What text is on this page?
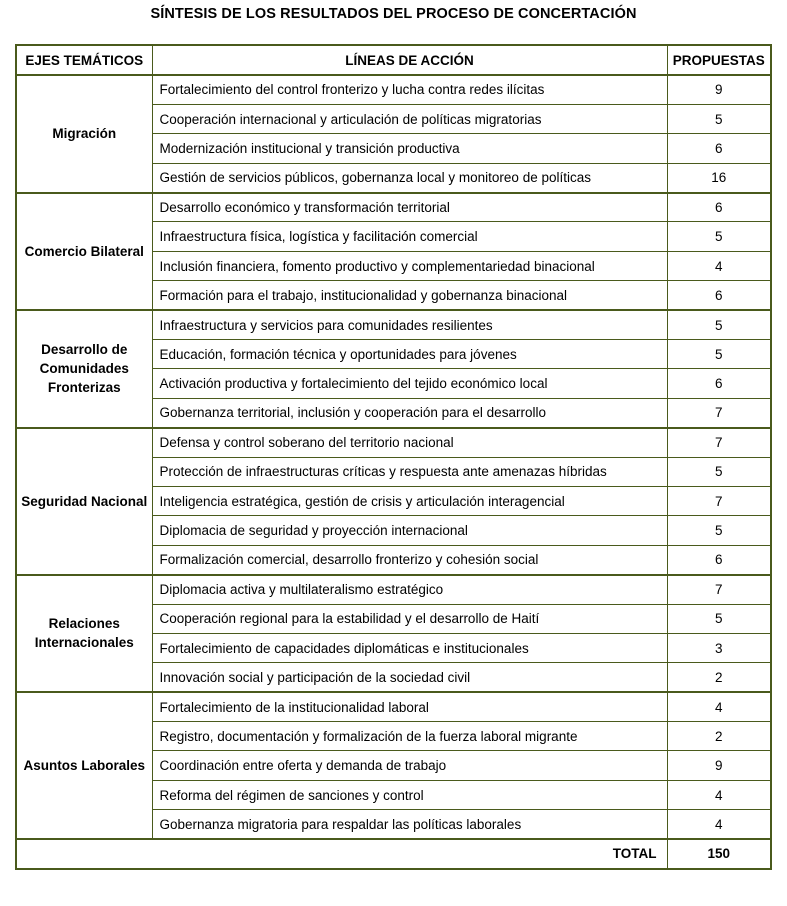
SÍNTESIS DE LOS RESULTADOS DEL PROCESO DE CONCERTACIÓN
EJES TEMÁTICOS	LÍNEAS DE ACCIÓN	PROPUESTAS
Migración	Fortalecimiento del control fronterizo y lucha contra redes ilícitas	9
	Cooperación internacional y articulación de políticas migratorias	5
	Modernización institucional y transición productiva	6
	Gestión de servicios públicos, gobernanza local y monitoreo de políticas	16
Comercio Bilateral	Desarrollo económico y transformación territorial	6
	Infraestructura física, logística y facilitación comercial	5
	Inclusión financiera, fomento productivo y complementariedad binacional	4
	Formación para el trabajo, institucionalidad y gobernanza binacional	6
Desarrollo de Comunidades Fronterizas	Infraestructura y servicios para comunidades resilientes	5
	Educación, formación técnica y oportunidades para jóvenes	5
	Activación productiva y fortalecimiento del tejido económico local	6
	Gobernanza territorial, inclusión y cooperación para el desarrollo	7
Seguridad Nacional	Defensa y control soberano del territorio nacional	7
	Protección de infraestructuras críticas y respuesta ante amenazas híbridas	5
	Inteligencia estratégica, gestión de crisis y articulación interagencial	7
	Diplomacia de seguridad y proyección internacional	5
	Formalización comercial, desarrollo fronterizo y cohesión social	6
Relaciones Internacionales	Diplomacia activa y multilateralismo estratégico	7
	Cooperación regional para la estabilidad y el desarrollo de Haití	5
	Fortalecimiento de capacidades diplomáticas e institucionales	3
	Innovación social y participación de la sociedad civil	2
Asuntos Laborales	Fortalecimiento de la institucionalidad laboral	4
	Registro, documentación y formalización de la fuerza laboral migrante	2
	Coordinación entre oferta y demanda de trabajo	9
	Reforma del régimen de sanciones y control	4
	Gobernanza migratoria para respaldar las políticas laborales	4
	TOTAL	150
